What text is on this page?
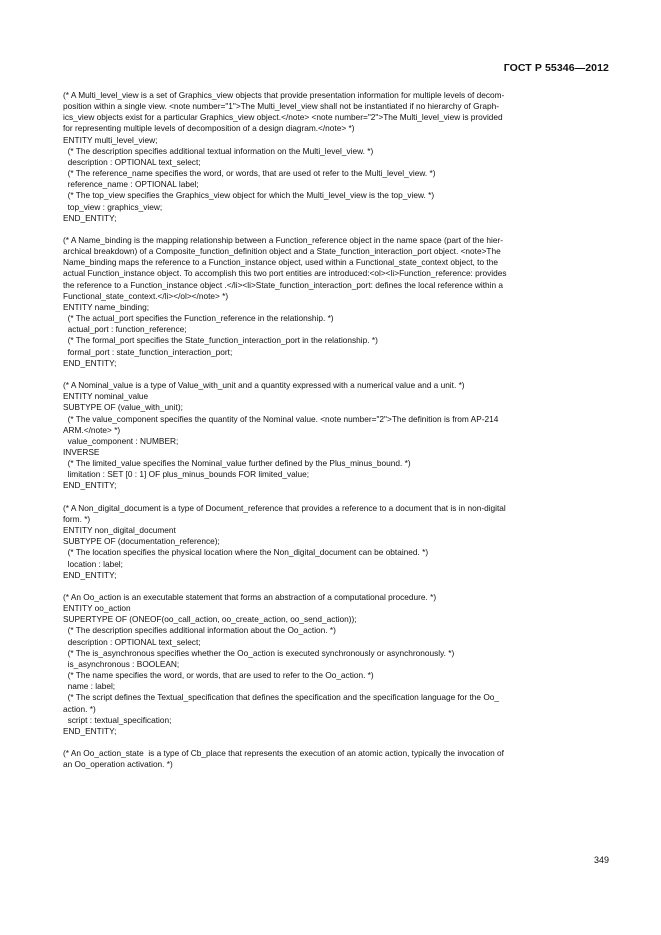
ГОСТ Р 55346—2012
(* A Multi_level_view is a set of Graphics_view objects that provide presentation information for multiple levels of decom-
position within a single view. <note number="1">The Multi_level_view shall not be instantiated if no hierarchy of Graph-
ics_view objects exist for a particular Graphics_view object.</note> <note number="2">The Multi_level_view is provided
for representing multiple levels of decomposition of a design diagram.</note> *)
ENTITY multi_level_view;
(* The description specifies additional textual information on the Multi_level_view. *)
description : OPTIONAL text_select;
(* The reference_name specifies the word, or words, that are used ot refer to the Multi_level_view. *)
reference_name : OPTIONAL label;
(* The top_view specifies the Graphics_view object for which the Multi_level_view is the top_view. *)
top_view : graphics_view;
END_ENTITY;
(* A Name_binding is the mapping relationship between a Function_reference object in the name space (part of the hier-
archical breakdown) of a Composite_function_definition object and a State_function_interaction_port object. <note>The
Name_binding maps the reference to a Function_instance object, used within a Functional_state_context object, to the
actual Function_instance object. To accomplish this two port entities are introduced:<ol><li>Function_reference: provides
the reference to a Function_instance object .</li><li>State_function_interaction_port: defines the local reference within a
Functional_state_context.</li></ol></note> *)
ENTITY name_binding;
(* The actual_port specifies the Function_reference in the relationship. *)
actual_port : function_reference;
(* The formal_port specifies the State_function_interaction_port in the relationship. *)
formal_port : state_function_interaction_port;
END_ENTITY;
(* A Nominal_value is a type of Value_with_unit and a quantity expressed with a numerical value and a unit. *)
ENTITY nominal_value
SUBTYPE OF (value_with_unit);
(* The value_component specifies the quantity of the Nominal value. <note number="2">The definition is from AP-214
ARM.</note> *)
value_component : NUMBER;
INVERSE
(* The limited_value specifies the Nominal_value further defined by the Plus_minus_bound. *)
limitation : SET [0 : 1] OF plus_minus_bounds FOR limited_value;
END_ENTITY;
(* A Non_digital_document is a type of Document_reference that provides a reference to a document that is in non-digital
form. *)
ENTITY non_digital_document
SUBTYPE OF (documentation_reference);
(* The location specifies the physical location where the Non_digital_document can be obtained. *)
location : label;
END_ENTITY;
(* An Oo_action is an executable statement that forms an abstraction of a computational procedure. *)
ENTITY oo_action
SUPERTYPE OF (ONEOF(oo_call_action, oo_create_action, oo_send_action));
(* The description specifies additional information about the Oo_action. *)
description : OPTIONAL text_select;
(* The is_asynchronous specifies whether the Oo_action is executed synchronously or asynchronously. *)
is_asynchronous : BOOLEAN;
(* The name specifies the word, or words, that are used to refer to the Oo_action. *)
name : label;
(* The script defines the Textual_specification that defines the specification and the specification language for the Oo_
action. *)
script : textual_specification;
END_ENTITY;
(* An Oo_action_state  is a type of Cb_place that represents the execution of an atomic action, typically the invocation of
an Oo_operation activation. *)
349
